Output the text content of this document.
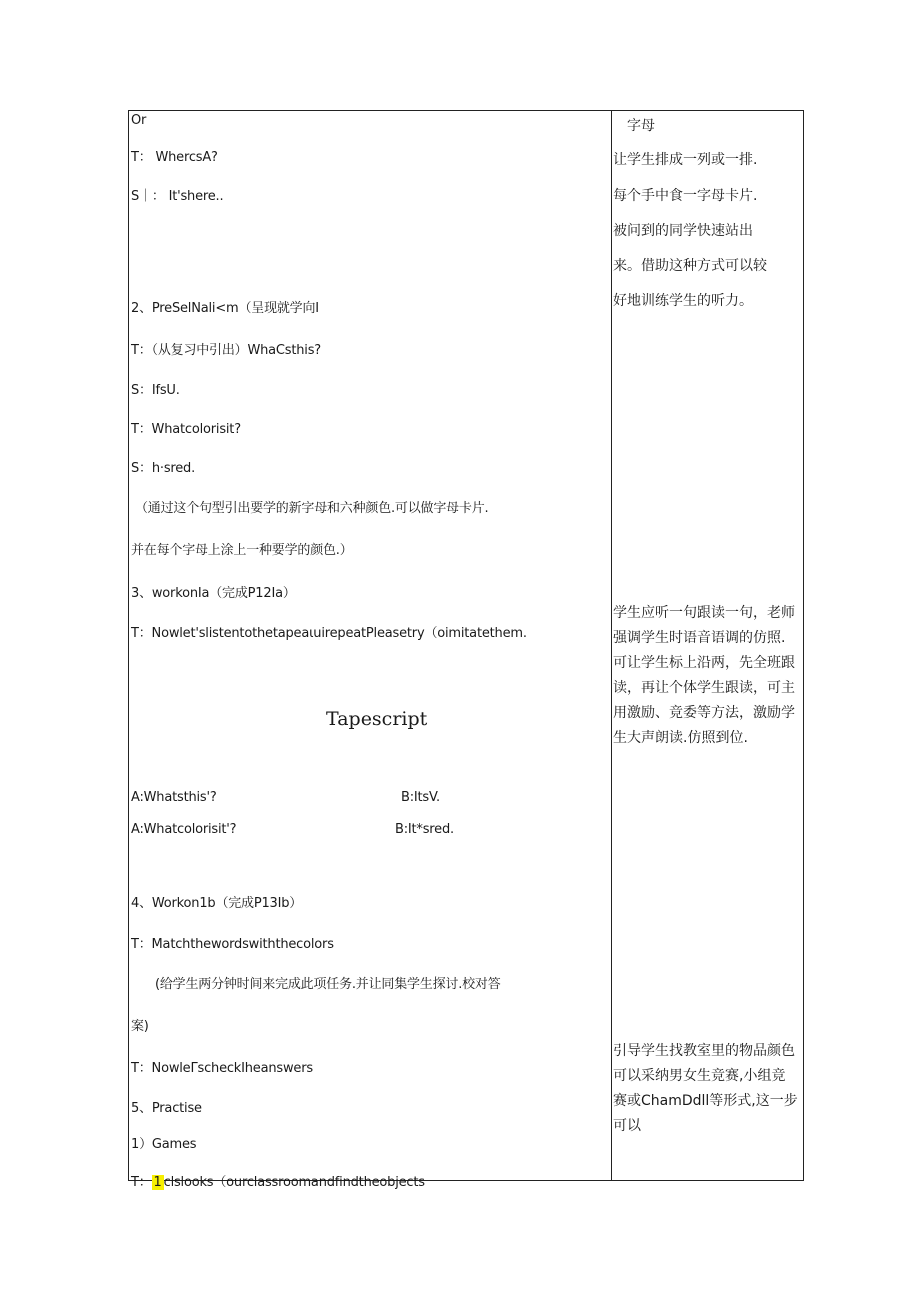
Or
T： WhercsA?
S｜： It'shere..
2、PreSelNali<m（呈现就学向I
T：（从复习中引出）WhaCsthis?
S：IfsU.
T：Whatcolorisit?
S：h·sred.
（通过这个句型引出要学的新字母和六种颜色.可以做字母卡片.
并在每个字母上涂上一种要学的颜色.）
3、workonIa（完成P12Ia）
T：Nowlet'slistentothetapeaιuirepeatPleasetry（oimitatethem.
Tapescript
A:Whatsthis'?	B:ItsV.
A:Whatcolorisit'?	B:It*sred.
4、Workon1b（完成P13Ib）
T：Matchthewordswiththecolors
(给学生两分钟时间来完成此项任务.并让同集学生探讨.校对答
案)
T：NowleΓscheckIheanswers
5、Practise
1）Games
T： 1 clslooks（ourclassroomandfindtheobjects
字母
让学生排成一列或一排.
每个手中食一字母卡片.
被问到的同学快速站出
来。借助这种方式可以较
好地训练学生的听力。
学生应听一句跟读一句，老师
强调学生时语音语调的仿照.
可让学生标上沿两，先全班跟
读，再让个体学生跟读，可主
用激励、竞委等方法，激励学
生大声朗读.仿照到位.
引导学生找教室里的物品颜色
可以采纳男女生竞赛,小组竞
赛或ChamDdll等形式,这一步
可以
